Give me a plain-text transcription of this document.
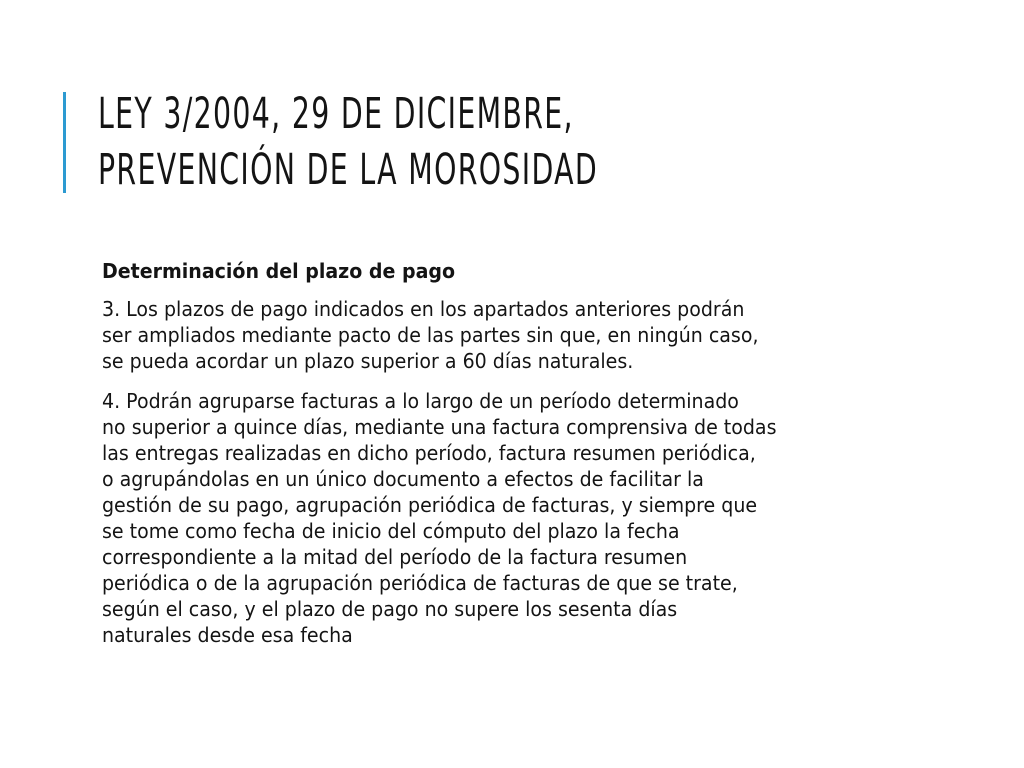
LEY 3/2004, 29 DE DICIEMBRE,
PREVENCIÓN DE LA MOROSIDAD

Determinación del plazo de pago

3. Los plazos de pago indicados en los apartados anteriores podrán
ser ampliados mediante pacto de las partes sin que, en ningún caso,
se pueda acordar un plazo superior a 60 días naturales.

4. Podrán agruparse facturas a lo largo de un período determinado
no superior a quince días, mediante una factura comprensiva de todas
las entregas realizadas en dicho período, factura resumen periódica,
o agrupándolas en un único documento a efectos de facilitar la
gestión de su pago, agrupación periódica de facturas, y siempre que
se tome como fecha de inicio del cómputo del plazo la fecha
correspondiente a la mitad del período de la factura resumen
periódica o de la agrupación periódica de facturas de que se trate,
según el caso, y el plazo de pago no supere los sesenta días
naturales desde esa fecha
